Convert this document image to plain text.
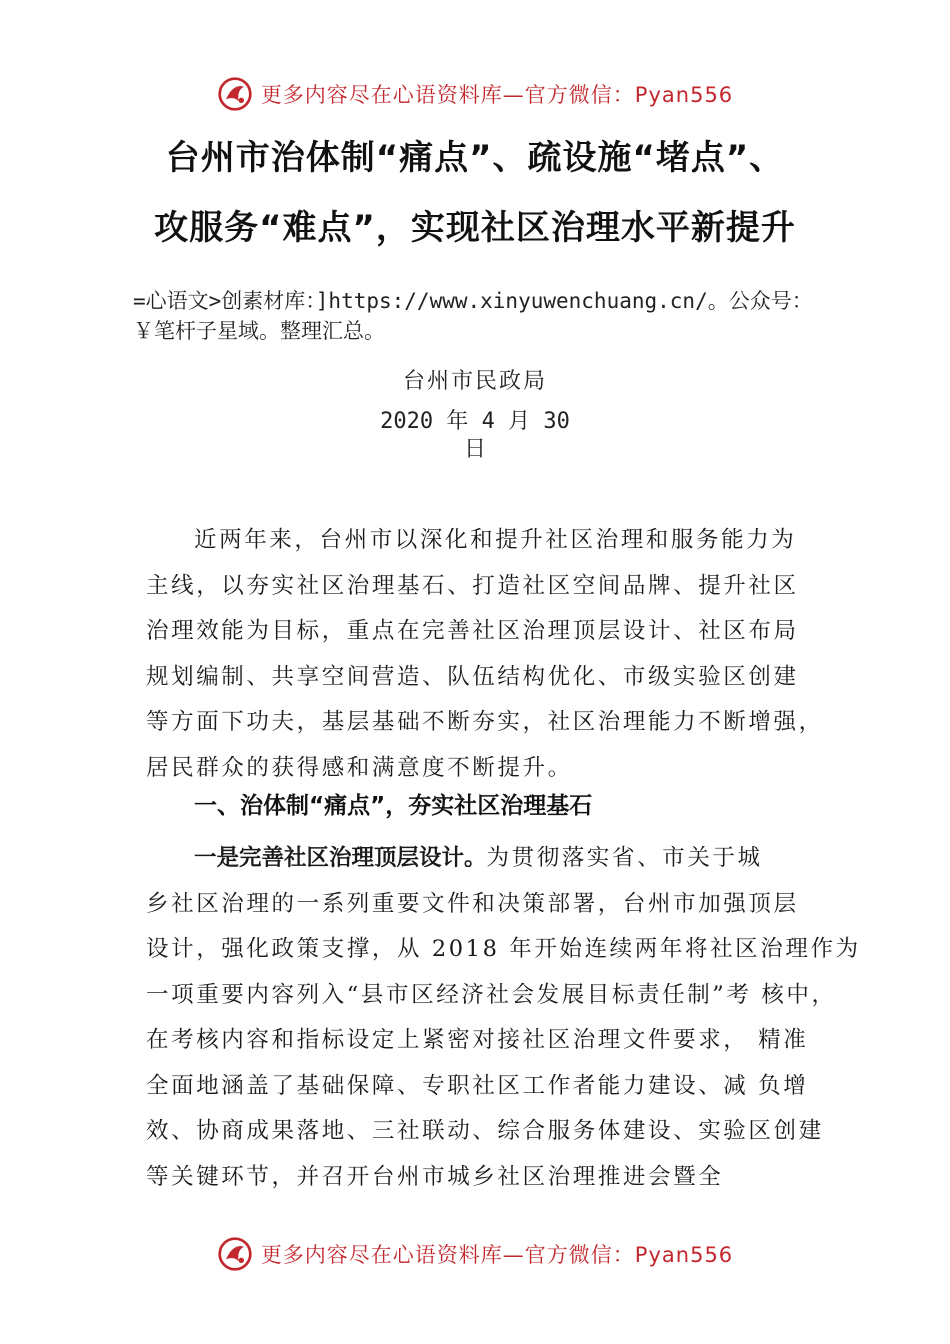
更多内容尽在心语资料库—官方微信：Pyan556
台州市治体制“痛点”、疏设施“堵点”、
攻服务“难点”，实现社区治理水平新提升
=心语文>创素材库：]https://www.xinyuwenchuang.cn/。公众号：￥笔杆子星域。整理汇总。
台州市民政局
2020 年 4 月 30
日
近两年来，台州市以深化和提升社区治理和服务能力为
主线，以夯实社区治理基石、打造社区空间品牌、提升社区
治理效能为目标，重点在完善社区治理顶层设计、社区布局
规划编制、共享空间营造、队伍结构优化、市级实验区创建
等方面下功夫，基层基础不断夯实，社区治理能力不断增强，
居民群众的获得感和满意度不断提升。
一、治体制“痛点”，夯实社区治理基石
一是完善社区治理顶层设计。为贯彻落实省、市关于城
乡社区治理的一系列重要文件和决策部署，台州市加强顶层
设计，强化政策支撑，从 2018 年开始连续两年将社区治理作为
一项重要内容列入“县市区经济社会发展目标责任制”考 核中，
在考核内容和指标设定上紧密对接社区治理文件要求， 精准
全面地涵盖了基础保障、专职社区工作者能力建设、减 负增
效、协商成果落地、三社联动、综合服务体建设、实验区创建
等关键环节，并召开台州市城乡社区治理推进会暨全
更多内容尽在心语资料库—官方微信：Pyan556
